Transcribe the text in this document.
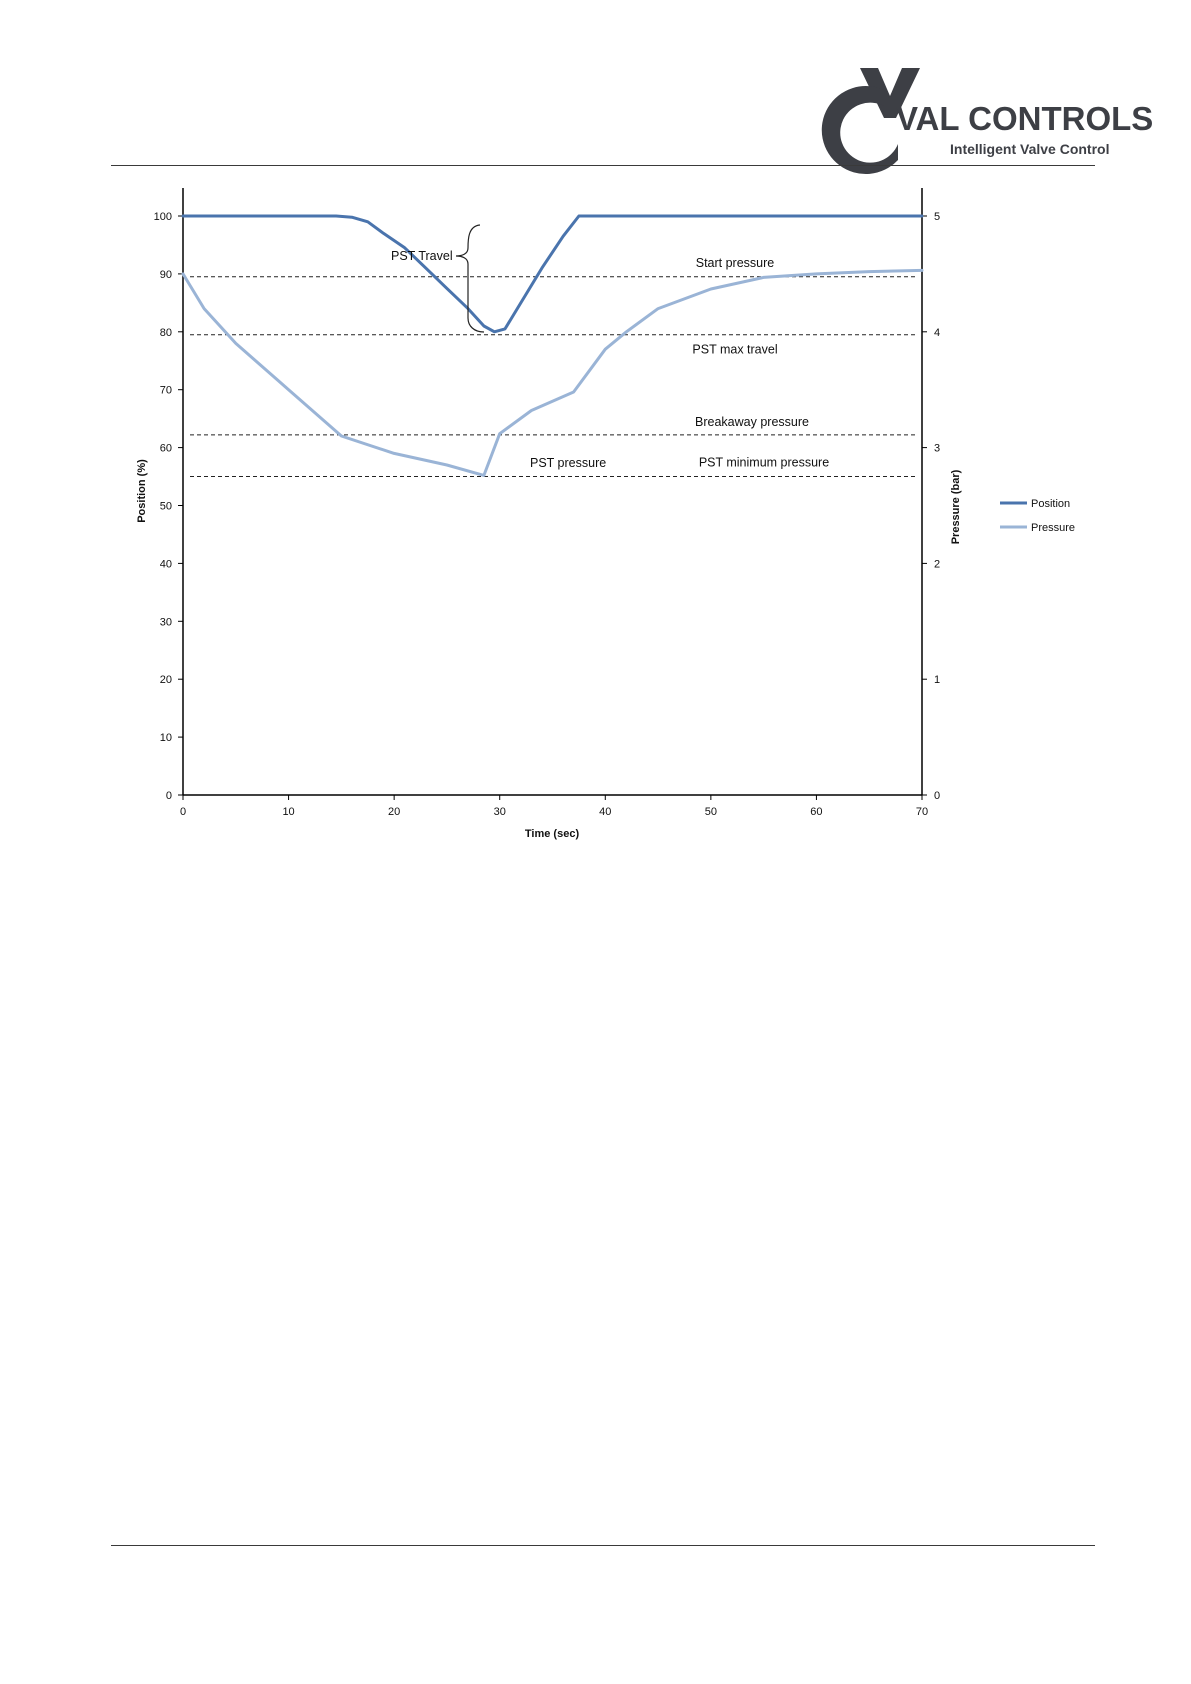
VAL CONTROLS
Intelligent Valve Control
Start pressure
PST max travel
Breakaway pressure
PST minimum pressure
0
10
20
30
40
50
60
70
80
90
100
0
1
2
3
4
5
0	10	20	30	40	50	60	70
PST Travel
PST pressure
Time (sec)
Position (%)	Pressure (bar)	Position
Pressure
